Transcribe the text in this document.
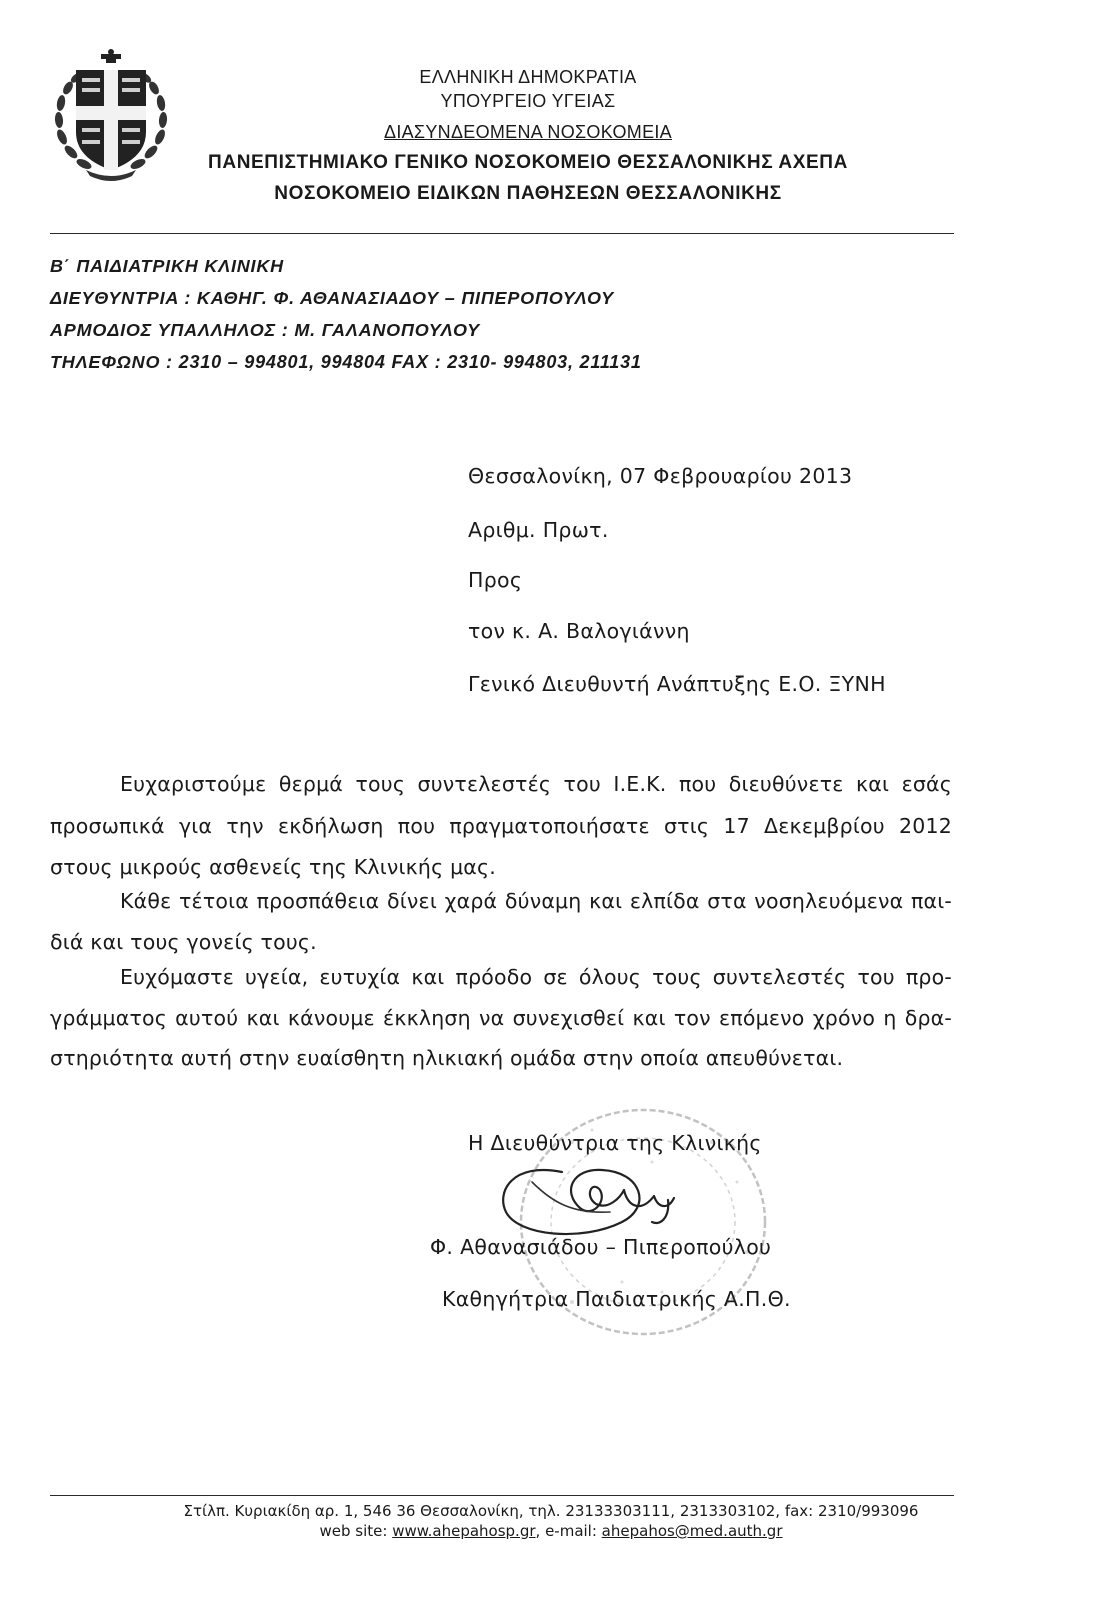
ΕΛΛΗΝΙΚΗ ΔΗΜΟΚΡΑΤΙΑ
ΥΠΟΥΡΓΕΙΟ ΥΓΕΙΑΣ
ΔΙΑΣΥΝΔΕΟΜΕΝΑ ΝΟΣΟΚΟΜΕΙΑ
ΠΑΝΕΠΙΣΤΗΜΙΑΚΟ ΓΕΝΙΚΟ ΝΟΣΟΚΟΜΕΙΟ ΘΕΣΣΑΛΟΝΙΚΗΣ ΑΧΕΠΑ
ΝΟΣΟΚΟΜΕΙΟ ΕΙΔΙΚΩΝ ΠΑΘΗΣΕΩΝ ΘΕΣΣΑΛΟΝΙΚΗΣ
Β΄ ΠΑΙΔΙΑΤΡΙΚΗ ΚΛΙΝΙΚΗ
ΔΙΕΥΘΥΝΤΡΙΑ : ΚΑΘΗΓ. Φ. ΑΘΑΝΑΣΙΑΔΟΥ – ΠΙΠΕΡΟΠΟΥΛΟΥ
ΑΡΜΟΔΙΟΣ ΥΠΑΛΛΗΛΟΣ : Μ. ΓΑΛΑΝΟΠΟΥΛΟΥ
ΤΗΛΕΦΩΝΟ : 2310 – 994801, 994804 FAX : 2310- 994803, 211131
Θεσσαλονίκη, 07 Φεβρουαρίου 2013
Αριθμ. Πρωτ.
Προς
τον κ. Α. Βαλογιάννη
Γενικό Διευθυντή Ανάπτυξης Ε.Ο. ΞΥΝΗ
Ευχαριστούμε θερμά τους συντελεστές του Ι.Ε.Κ. που διευθύνετε και εσάς
προσωπικά για την εκδήλωση που πραγματοποιήσατε στις 17 Δεκεμβρίου 2012
στους μικρούς ασθενείς της Κλινικής μας.
Κάθε τέτοια προσπάθεια δίνει χαρά δύναμη και ελπίδα στα νοσηλευόμενα παι-
διά και τους γονείς τους.
Ευχόμαστε υγεία, ευτυχία και πρόοδο σε όλους τους συντελεστές του προ-
γράμματος αυτού και κάνουμε έκκληση να συνεχισθεί και τον επόμενο χρόνο η δρα-
στηριότητα αυτή στην ευαίσθητη ηλικιακή ομάδα στην οποία απευθύνεται.
Η Διευθύντρια της Κλινικής
Φ. Αθανασιάδου – Πιπεροπούλου
Καθηγήτρια Παιδιατρικής Α.Π.Θ.
Στίλπ. Κυριακίδη αρ. 1, 546 36 Θεσσαλονίκη, τηλ. 23133303111, 2313303102, fax: 2310/993096
web site: www.ahepahosp.gr, e-mail: ahepahos@med.auth.gr
